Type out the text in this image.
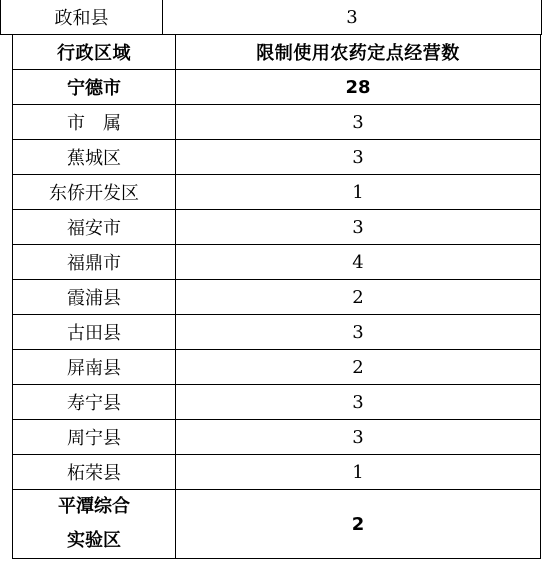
政和县	3
行政区域	限制使用农药定点经营数
宁德市	28
市　属	3
蕉城区	3
东侨开发区	1
福安市	3
福鼎市	4
霞浦县	2
古田县	3
屏南县	2
寿宁县	3
周宁县	3
柘荣县	1

平潭综合
实验区	2
